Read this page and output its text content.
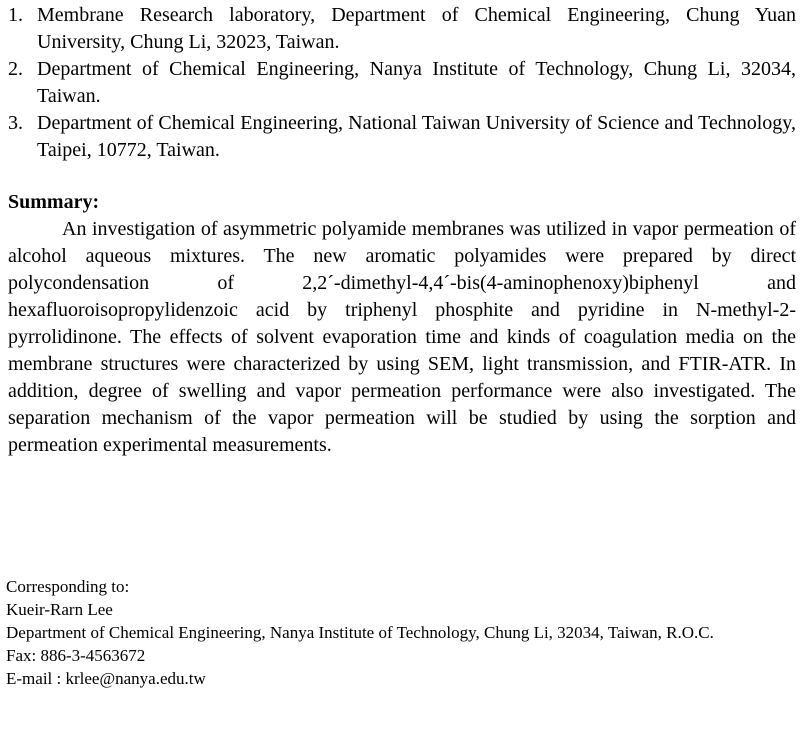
1. Membrane Research laboratory, Department of Chemical Engineering, Chung Yuan University, Chung Li, 32023, Taiwan.
2. Department of Chemical Engineering, Nanya Institute of Technology, Chung Li, 32034, Taiwan.
3. Department of Chemical Engineering, National Taiwan University of Science and Technology, Taipei, 10772, Taiwan.
Summary:

An investigation of asymmetric polyamide membranes was utilized in vapor permeation of alcohol aqueous mixtures. The new aromatic polyamides were prepared by direct polycondensation of 2,2´-dimethyl-4,4´-bis(4-aminophenoxy)biphenyl and hexafluoroisopropylidenzoic acid by triphenyl phosphite and pyridine in N-methyl-2-pyrrolidinone. The effects of solvent evaporation time and kinds of coagulation media on the membrane structures were characterized by using SEM, light transmission, and FTIR-ATR. In addition, degree of swelling and vapor permeation performance were also investigated. The separation mechanism of the vapor permeation will be studied by using the sorption and permeation experimental measurements.

Corresponding to:
Kueir-Rarn Lee
Department of Chemical Engineering, Nanya Institute of Technology, Chung Li, 32034, Taiwan, R.O.C.
Fax: 886-3-4563672
E-mail : krlee@nanya.edu.tw
